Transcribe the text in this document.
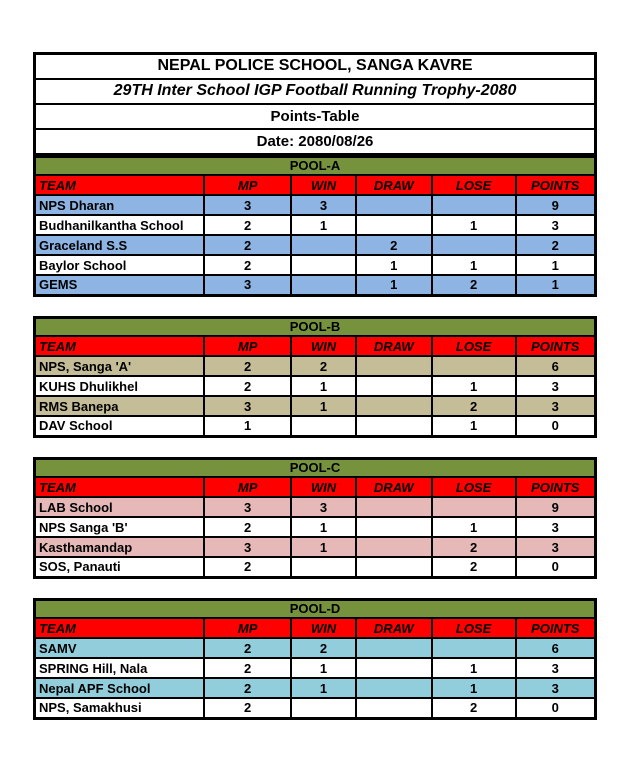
NEPAL POLICE SCHOOL, SANGA KAVRE
29TH Inter School IGP Football Running Trophy-2080
Points-Table
Date: 2080/08/26
POOL-A					
TEAM	MP	WIN	DRAW	LOSE	POINTS
NPS Dharan	3	3			9
Budhanilkantha School	2	1		1	3
Graceland S.S	2		2		2
Baylor School	2		1	1	1
GEMS	3		1	2	1
POOL-B					
TEAM	MP	WIN	DRAW	LOSE	POINTS
NPS, Sanga 'A'	2	2			6
KUHS Dhulikhel	2	1		1	3
RMS Banepa	3	1		2	3
DAV School	1			1	0
POOL-C					
TEAM	MP	WIN	DRAW	LOSE	POINTS
LAB School	3	3			9
NPS Sanga 'B'	2	1		1	3
Kasthamandap	3	1		2	3
SOS, Panauti	2			2	0
POOL-D					
TEAM	MP	WIN	DRAW	LOSE	POINTS
SAMV	2	2			6
SPRING Hill, Nala	2	1		1	3
Nepal APF School	2	1		1	3
NPS, Samakhusi	2			2	0
